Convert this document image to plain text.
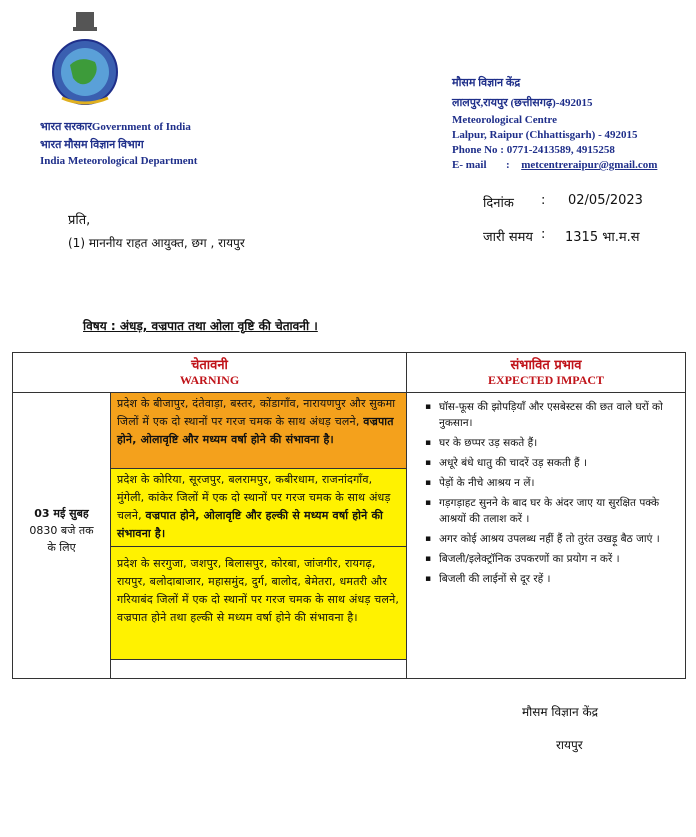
भारत सरकारGovernment of India
भारत मौसम विज्ञान विभाग
India Meteorological Department
मौसम विज्ञान केंद्र
लालपुर,रायपुर (छत्तीसगढ़)-492015
Meteorological Centre
Lalpur, Raipur (Chhattisgarh) - 492015
Phone No : 0771-2413589, 4915258
E- mail : metcentreraipur@gmail.com
प्रति,
(1) माननीय राहत आयुक्त, छग , रायपुर
दिनांक : 02/05/2023
जारी समय : 1315 भा.म.स
विषय : अंधड़, वज्रपात तथा ओला वृष्टि की चेतावनी ।
चेतावनी
WARNING
संभावित प्रभाव
EXPECTED IMPACT
03 मई सुबह
0830 बजे तक
के लिए
प्रदेश के बीजापुर, दंतेवाड़ा, बस्तर, कोंडागाँव, नारायणपुर और सुकमा जिलों में एक दो स्थानों पर गरज चमक के साथ अंधड़ चलने, वज्रपात होने, ओलावृष्टि और मध्यम वर्षा होने की संभावना है।
प्रदेश के कोरिया, सूरजपुर, बलरामपुर, कबीरधाम, राजनांदगाँव, मुंगेली, कांकेर जिलों में एक दो स्थानों पर गरज चमक के साथ अंधड़ चलने, वज्रपात होने, ओलावृष्टि और हल्की से मध्यम वर्षा होने की संभावना है।
प्रदेश के सरगुजा, जशपुर, बिलासपुर, कोरबा, जांजगीर, रायगढ़, रायपुर, बलोदाबाजार, महासमुंद, दुर्ग, बालोद, बेमेतरा, धमतरी और गरियाबंद जिलों में एक दो स्थानों पर गरज चमक के साथ अंधड़ चलने, वज्रपात होने तथा हल्की से मध्यम वर्षा होने की संभावना है।
▪ घॉस-फूस की झोपड़ियाँ और एसबेस्टस की छत वाले घरों को नुकसान।
▪ घर के छप्पर उड़ सकते हैं।
▪ अधूरे बंधे धातु की चादरें उड़ सकती हैं ।
▪ पेड़ों के नीचे आश्रय न लें।
▪ गड़गड़ाहट सुनने के बाद घर के अंदर जाए या सुरक्षित पक्के आश्रयों की तलाश करें ।
▪ अगर कोई आश्रय उपलब्ध नहीं हैं तो तुरंत उखड़ू बैठ जाएं ।
▪ बिजली/इलेक्ट्रॉनिक उपकरणों का प्रयोग न करें ।
▪ बिजली की लाईनों से दूर रहें ।
मौसम विज्ञान केंद्र
रायपुर
